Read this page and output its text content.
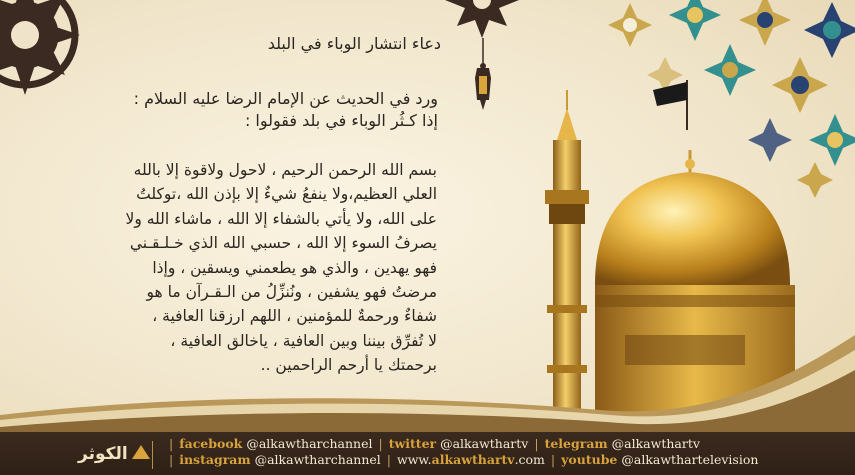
دعاء انتشار الوباء في البلد
ورد في الحديث عن الإمام الرضا عليه السلام :
إذا كـثُر الوباء في بلد فقولوا :
بسم الله الرحمن الرحيم ، لاحول ولاقوة إلا بالله
العلي العظيم،ولا ينفعُ شيءٌ إلا بإذن الله ،توكلتُ
على الله، ولا يأتي بالشفاء إلا الله ، ماشاء الله ولا
يصرفُ السوء إلا الله ، حسبي الله الذي خـلـقـني
فهو يهدين ، والذي هو يطعمني ويسقين ، وإذا
مرضتُ فهو يشفين ، ونُنزِّلُ من الـقـرآن ما هو
شفاءٌ ورحمةٌ للمؤمنين ، اللهم ارزقنا العافية ،
لا تُفرِّق بيننا وبين العافية ، ياخالق العافية ،
برحمتك يا أرحم الراحمين ..
الكوثر
| facebook @alkawtharchannel | twitter @alkawthartv | telegram @alkawthartv
| instagram @alkawtharchannel | www.alkawthartv.com | youtube @alkawthartelevision
